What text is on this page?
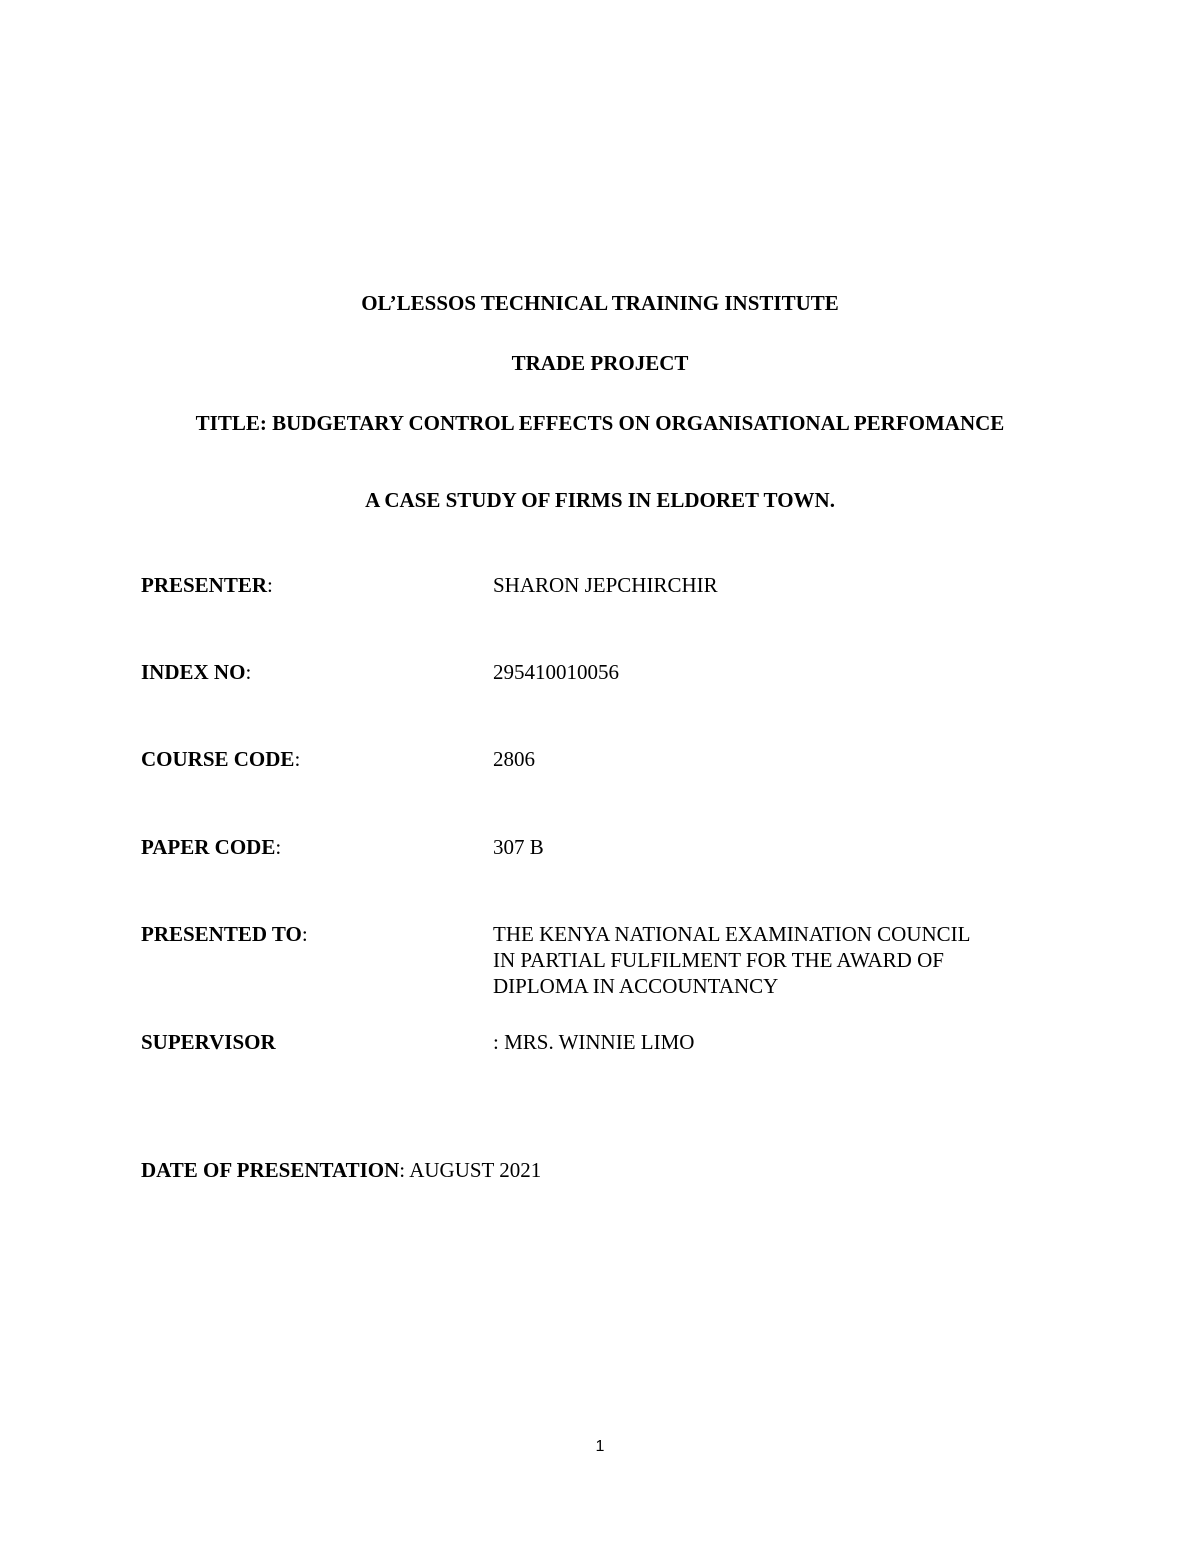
OL’LESSOS TECHNICAL TRAINING INSTITUTE
TRADE PROJECT
TITLE: BUDGETARY CONTROL EFFECTS ON ORGANISATIONAL PERFOMANCE
A CASE STUDY OF FIRMS IN ELDORET TOWN.
PRESENTER:	SHARON JEPCHIRCHIR
INDEX NO:	295410010056
COURSE CODE:	2806
PAPER CODE:	307 B
PRESENTED TO:	THE KENYA NATIONAL EXAMINATION COUNCIL
IN PARTIAL FULFILMENT FOR THE AWARD OF
DIPLOMA IN ACCOUNTANCY
SUPERVISOR	: MRS. WINNIE LIMO
DATE OF PRESENTATION: AUGUST 2021
1
